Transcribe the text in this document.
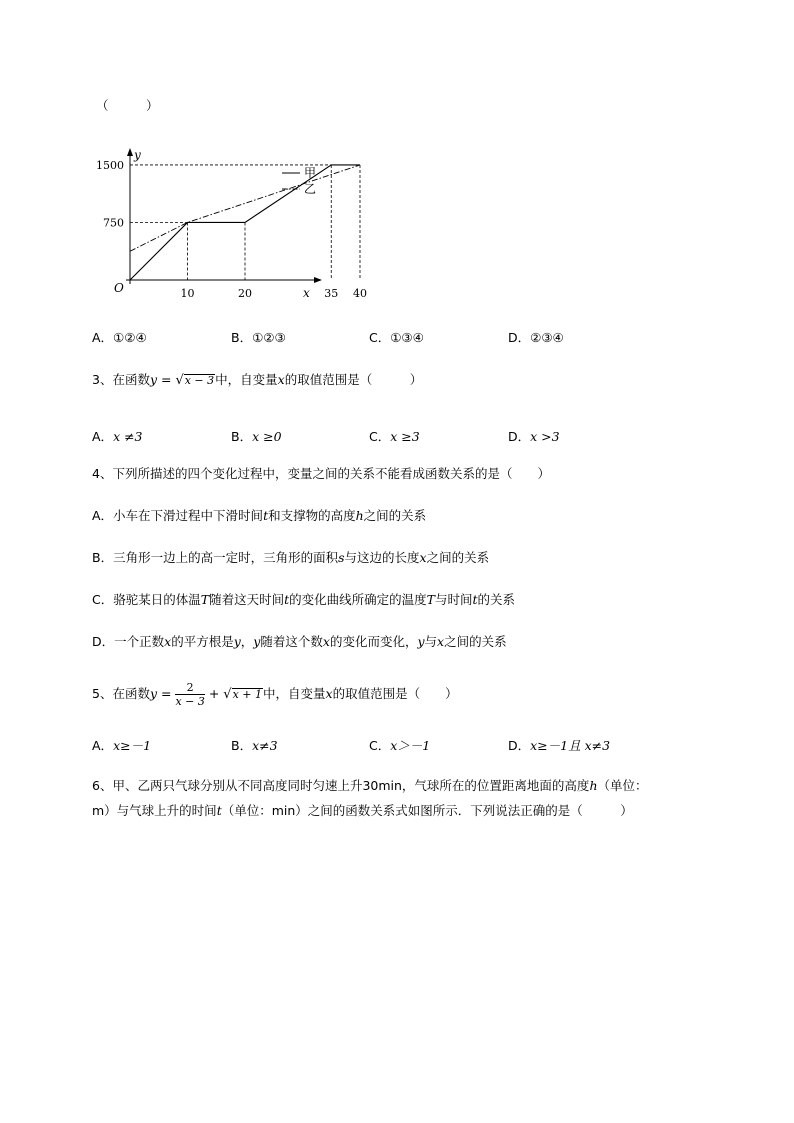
（　　　）
O	x
y
750
1500
10	20	35 40
甲
乙
A．①②④	B．①②③	C．①③④	D．②③④
3、在函数y = √x − 3中，自变量x的取值范围是（　　　）
A．x ≠3	B．x ≥0	C．x ≥3	D．x >3
4、下列所描述的四个变化过程中，变量之间的关系不能看成函数关系的是（　　）
A．小车在下滑过程中下滑时间t和支撑物的高度h之间的关系
B．三角形一边上的高一定时，三角形的面积s与这边的长度x之间的关系
C．骆驼某日的体温T随着这天时间t的变化曲线所确定的温度T与时间t的关系
D．一个正数x的平方根是y，y随着这个数x的变化而变化，y与x之间的关系
5、在函数$y = \frac{2}{x - 3} + √x + 1$中，自变量x的取值范围是（　　）
A．x≥－1	B．x≠3	C．x＞－1	D．x≥－1且 x≠3
6、甲、乙两只气球分别从不同高度同时匀速上升30min，气球所在的位置距离地面的高度h（单位：
m）与气球上升的时间t（单位：min）之间的函数关系式如图所示．下列说法正确的是（　　　）
